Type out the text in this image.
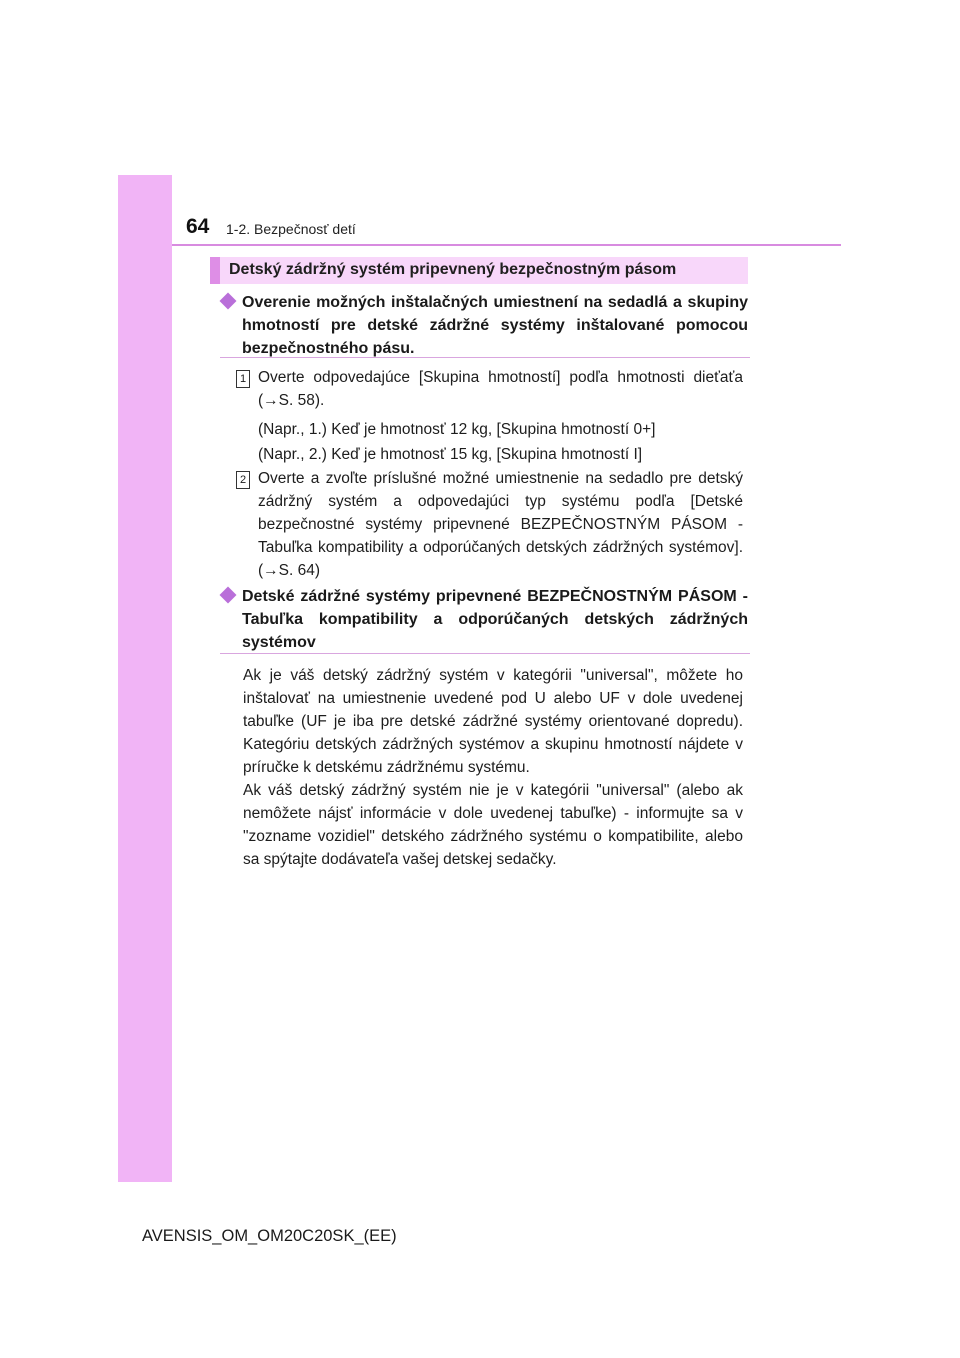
64 1-2. Bezpečnosť detí
Detský zádržný systém pripevnený bezpečnostným pásom
Overenie možných inštalačných umiestnení na sedadlá a skupiny hmotností pre detské zádržné systémy inštalované pomocou bezpečnostného pásu.
1 Overte odpovedajúce [Skupina hmotností] podľa hmotnosti dieťaťa (→S. 58).
(Napr., 1.) Keď je hmotnosť 12 kg, [Skupina hmotností 0+]
(Napr., 2.) Keď je hmotnosť 15 kg, [Skupina hmotností I]
2 Overte a zvoľte príslušné možné umiestnenie na sedadlo pre detský zádržný systém a odpovedajúci typ systému podľa [Detské bezpečnostné systémy pripevnené BEZPEČNOSTNÝM PÁSOM - Tabuľka kompatibility a odporúčaných detských zádržných systémov]. (→S. 64)
Detské zádržné systémy pripevnené BEZPEČNOSTNÝM PÁSOM - Tabuľka kompatibility a odporúčaných detských zádržných systémov

Ak je váš detský zádržný systém v kategórii "universal", môžete ho inštalovať na umiestnenie uvedené pod U alebo UF v dole uvedenej tabuľke (UF je iba pre detské zádržné systémy orientované dopredu). Kategóriu detských zádržných systémov a skupinu hmotností nájdete v príručke k detskému zádržnému systému.

Ak váš detský zádržný systém nie je v kategórii "universal" (alebo ak nemôžete nájsť informácie v dole uvedenej tabuľke) - informujte sa v "zozname vozidiel" detského zádržného systému o kompatibilite, alebo sa spýtajte dodávateľa vašej detskej sedačky.

AVENSIS_OM_OM20C20SK_(EE)
